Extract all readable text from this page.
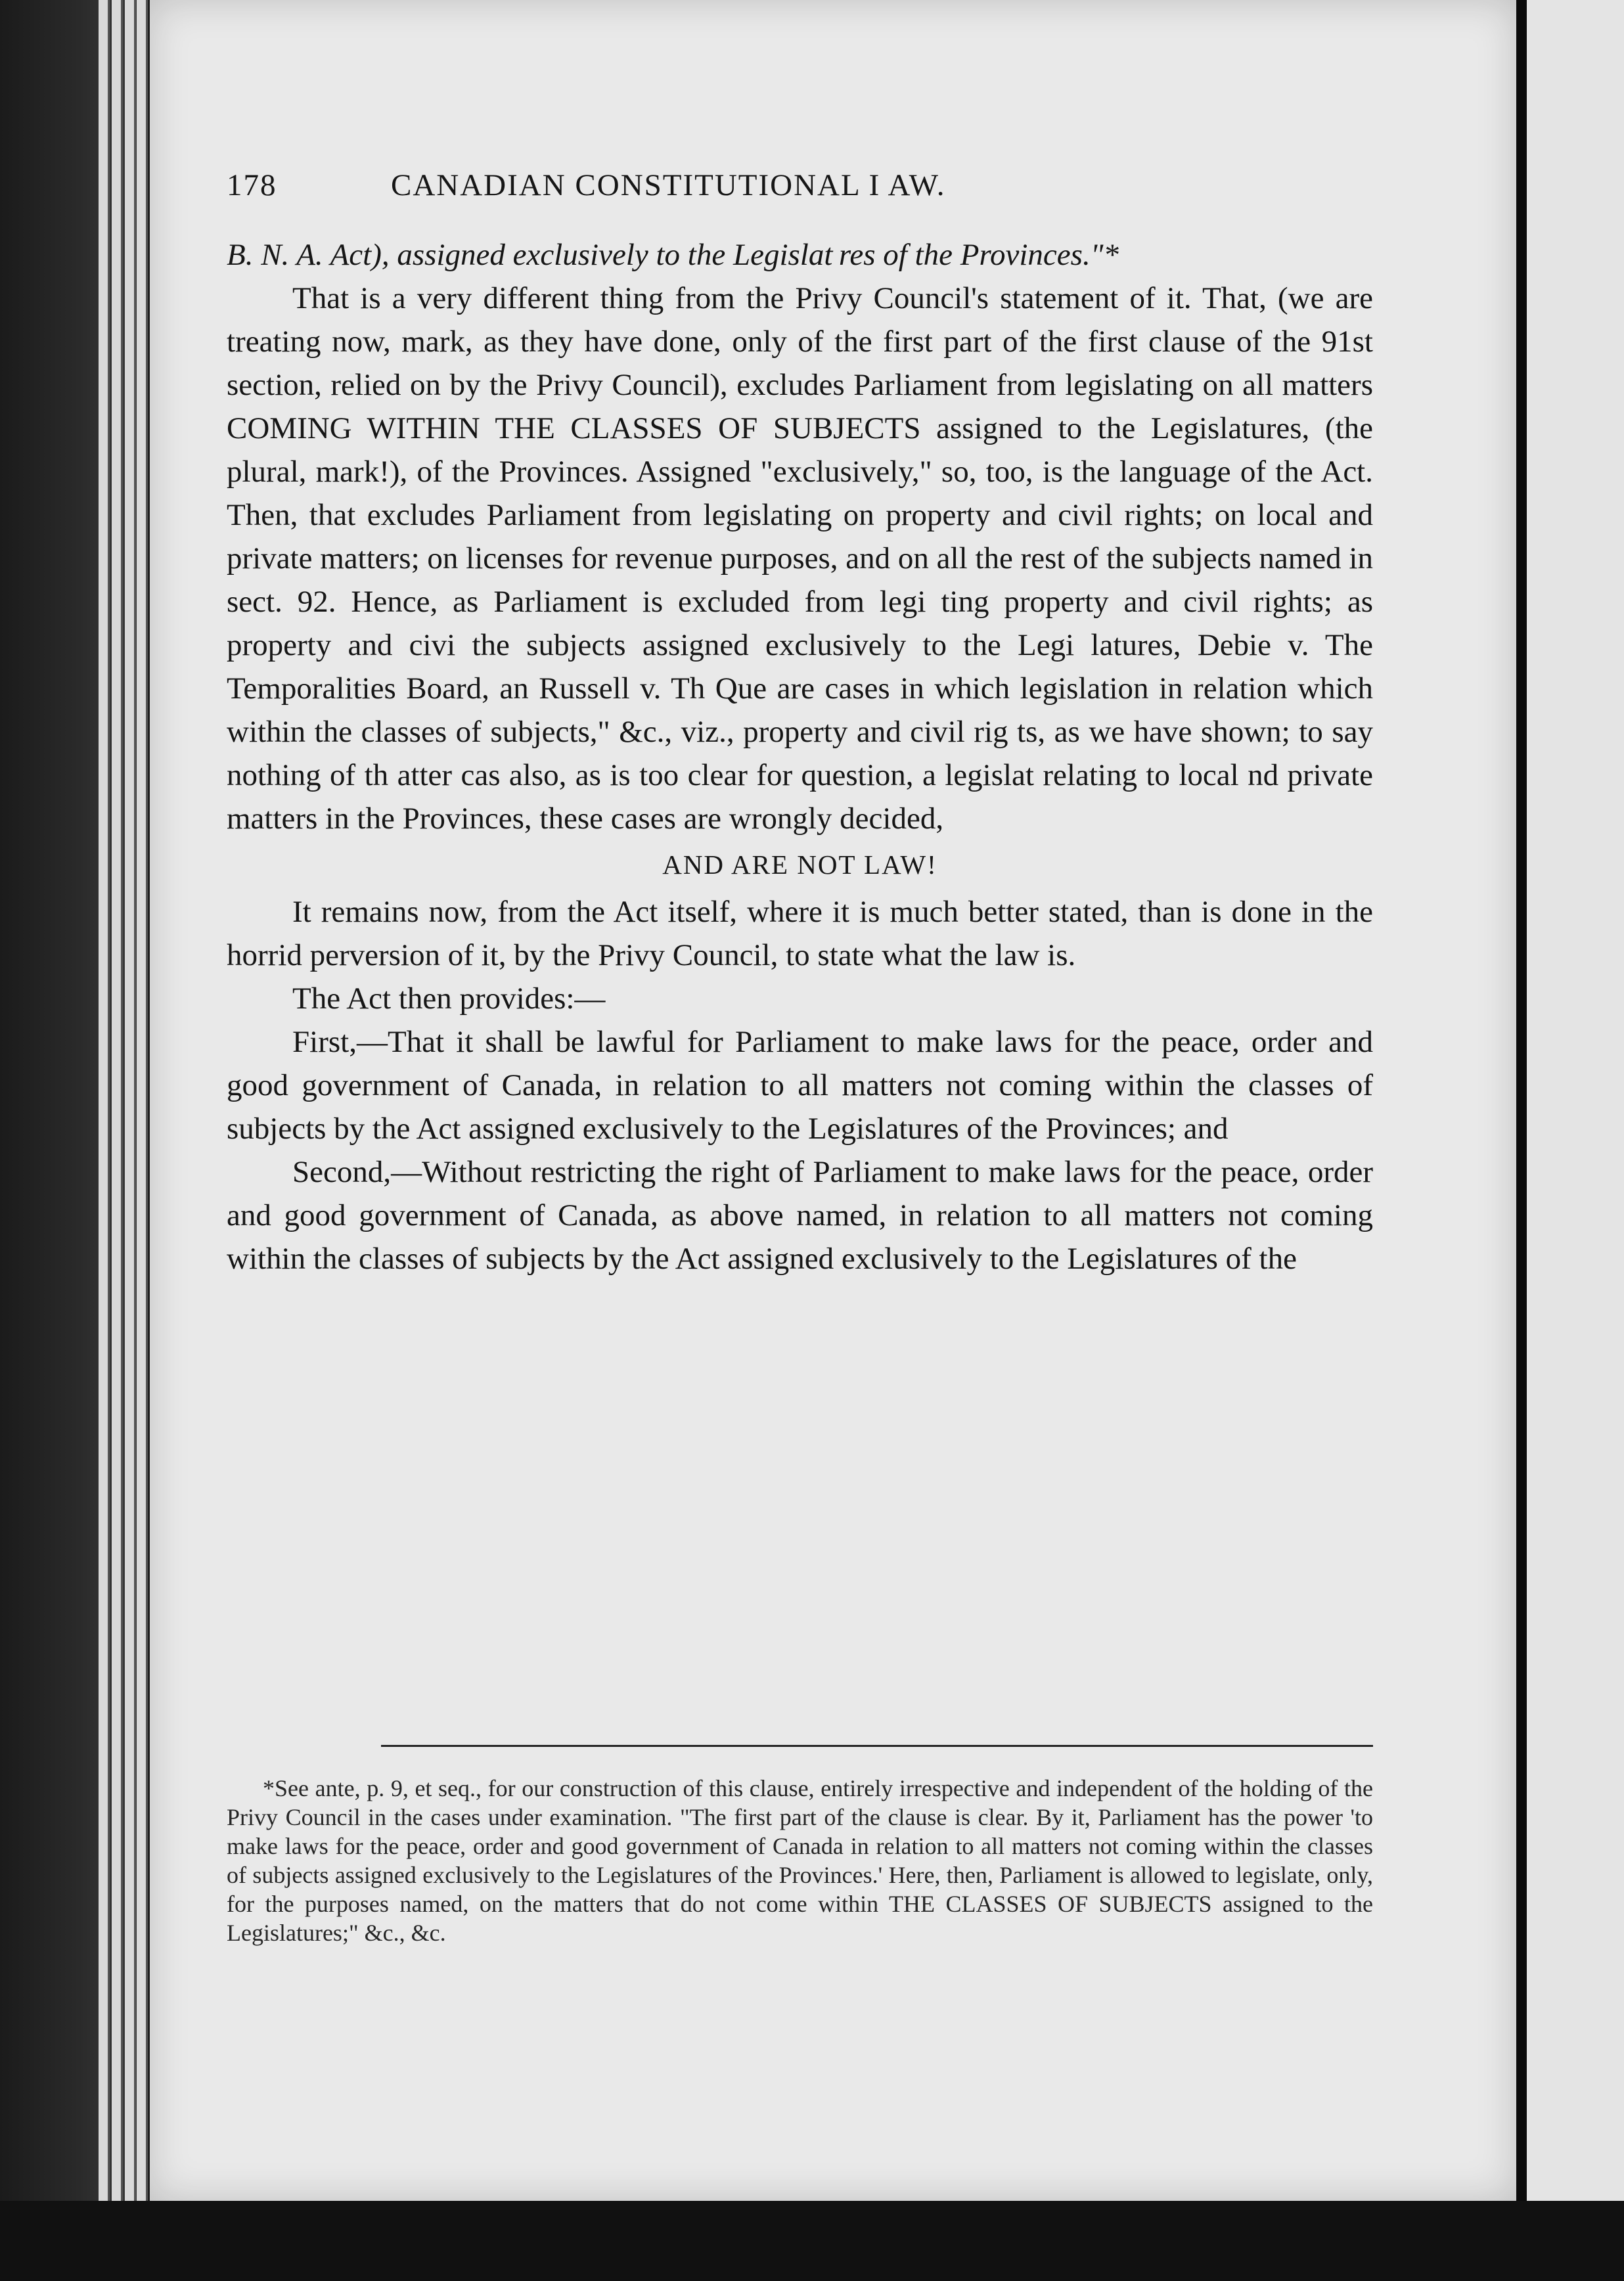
178	CANADIAN CONSTITUTIONAL I AW.

B. N. A. Act), assigned exclusively to the Legislat res of the Provinces."*

That is a very different thing from the Privy Council's statement of it. That, (we are treating now, mark, as they have done, only of the first part of the first clause of the 91st section, relied on by the Privy Council), excludes Parliament from legislating on all matters COMING WITHIN THE CLASSES OF SUBJECTS assigned to the Legislatures, (the plural, mark!), of the Provinces. Assigned "exclusively," so, too, is the language of the Act. Then, that excludes Parliament from legislating on property and civil rights; on local and private matters; on licenses for revenue purposes, and on all the rest of the subjects named in sect. 92. Hence, as Parliament is excluded from legi ting property and civil rights; as property and civi the subjects assigned exclusively to the Legi latures, Debie v. The Temporalities Board, an Russell v. Th Que are cases in which legislation in relation which within the classes of subjects," &c., viz., property and civil rig ts, as we have shown; to say nothing of th atter cas also, as is too clear for question, a legislat relating to local nd private matters in the Provinces, these cases are wrongly decided,

AND ARE NOT LAW!

It remains now, from the Act itself, where it is much better stated, than is done in the horrid perversion of it, by the Privy Council, to state what the law is.

The Act then provides:—

First,—That it shall be lawful for Parliament to make laws for the peace, order and good government of Canada, in relation to all matters not coming within the classes of subjects by the Act assigned exclusively to the Legislatures of the Provinces; and

Second,—Without restricting the right of Parliament to make laws for the peace, order and good government of Canada, as above named, in relation to all matters not coming within the classes of subjects by the Act assigned exclusively to the Legislatures of the

*See ante, p. 9, et seq., for our construction of this clause, entirely irrespective and independent of the holding of the Privy Council in the cases under examination. "The first part of the clause is clear. By it, Parliament has the power 'to make laws for the peace, order and good government of Canada in relation to all matters not coming within the classes of subjects assigned exclusively to the Legislatures of the Provinces.' Here, then, Parliament is allowed to legislate, only, for the purposes named, on the matters that do not come within THE CLASSES OF SUBJECTS assigned to the Legislatures;" &c., &c.
